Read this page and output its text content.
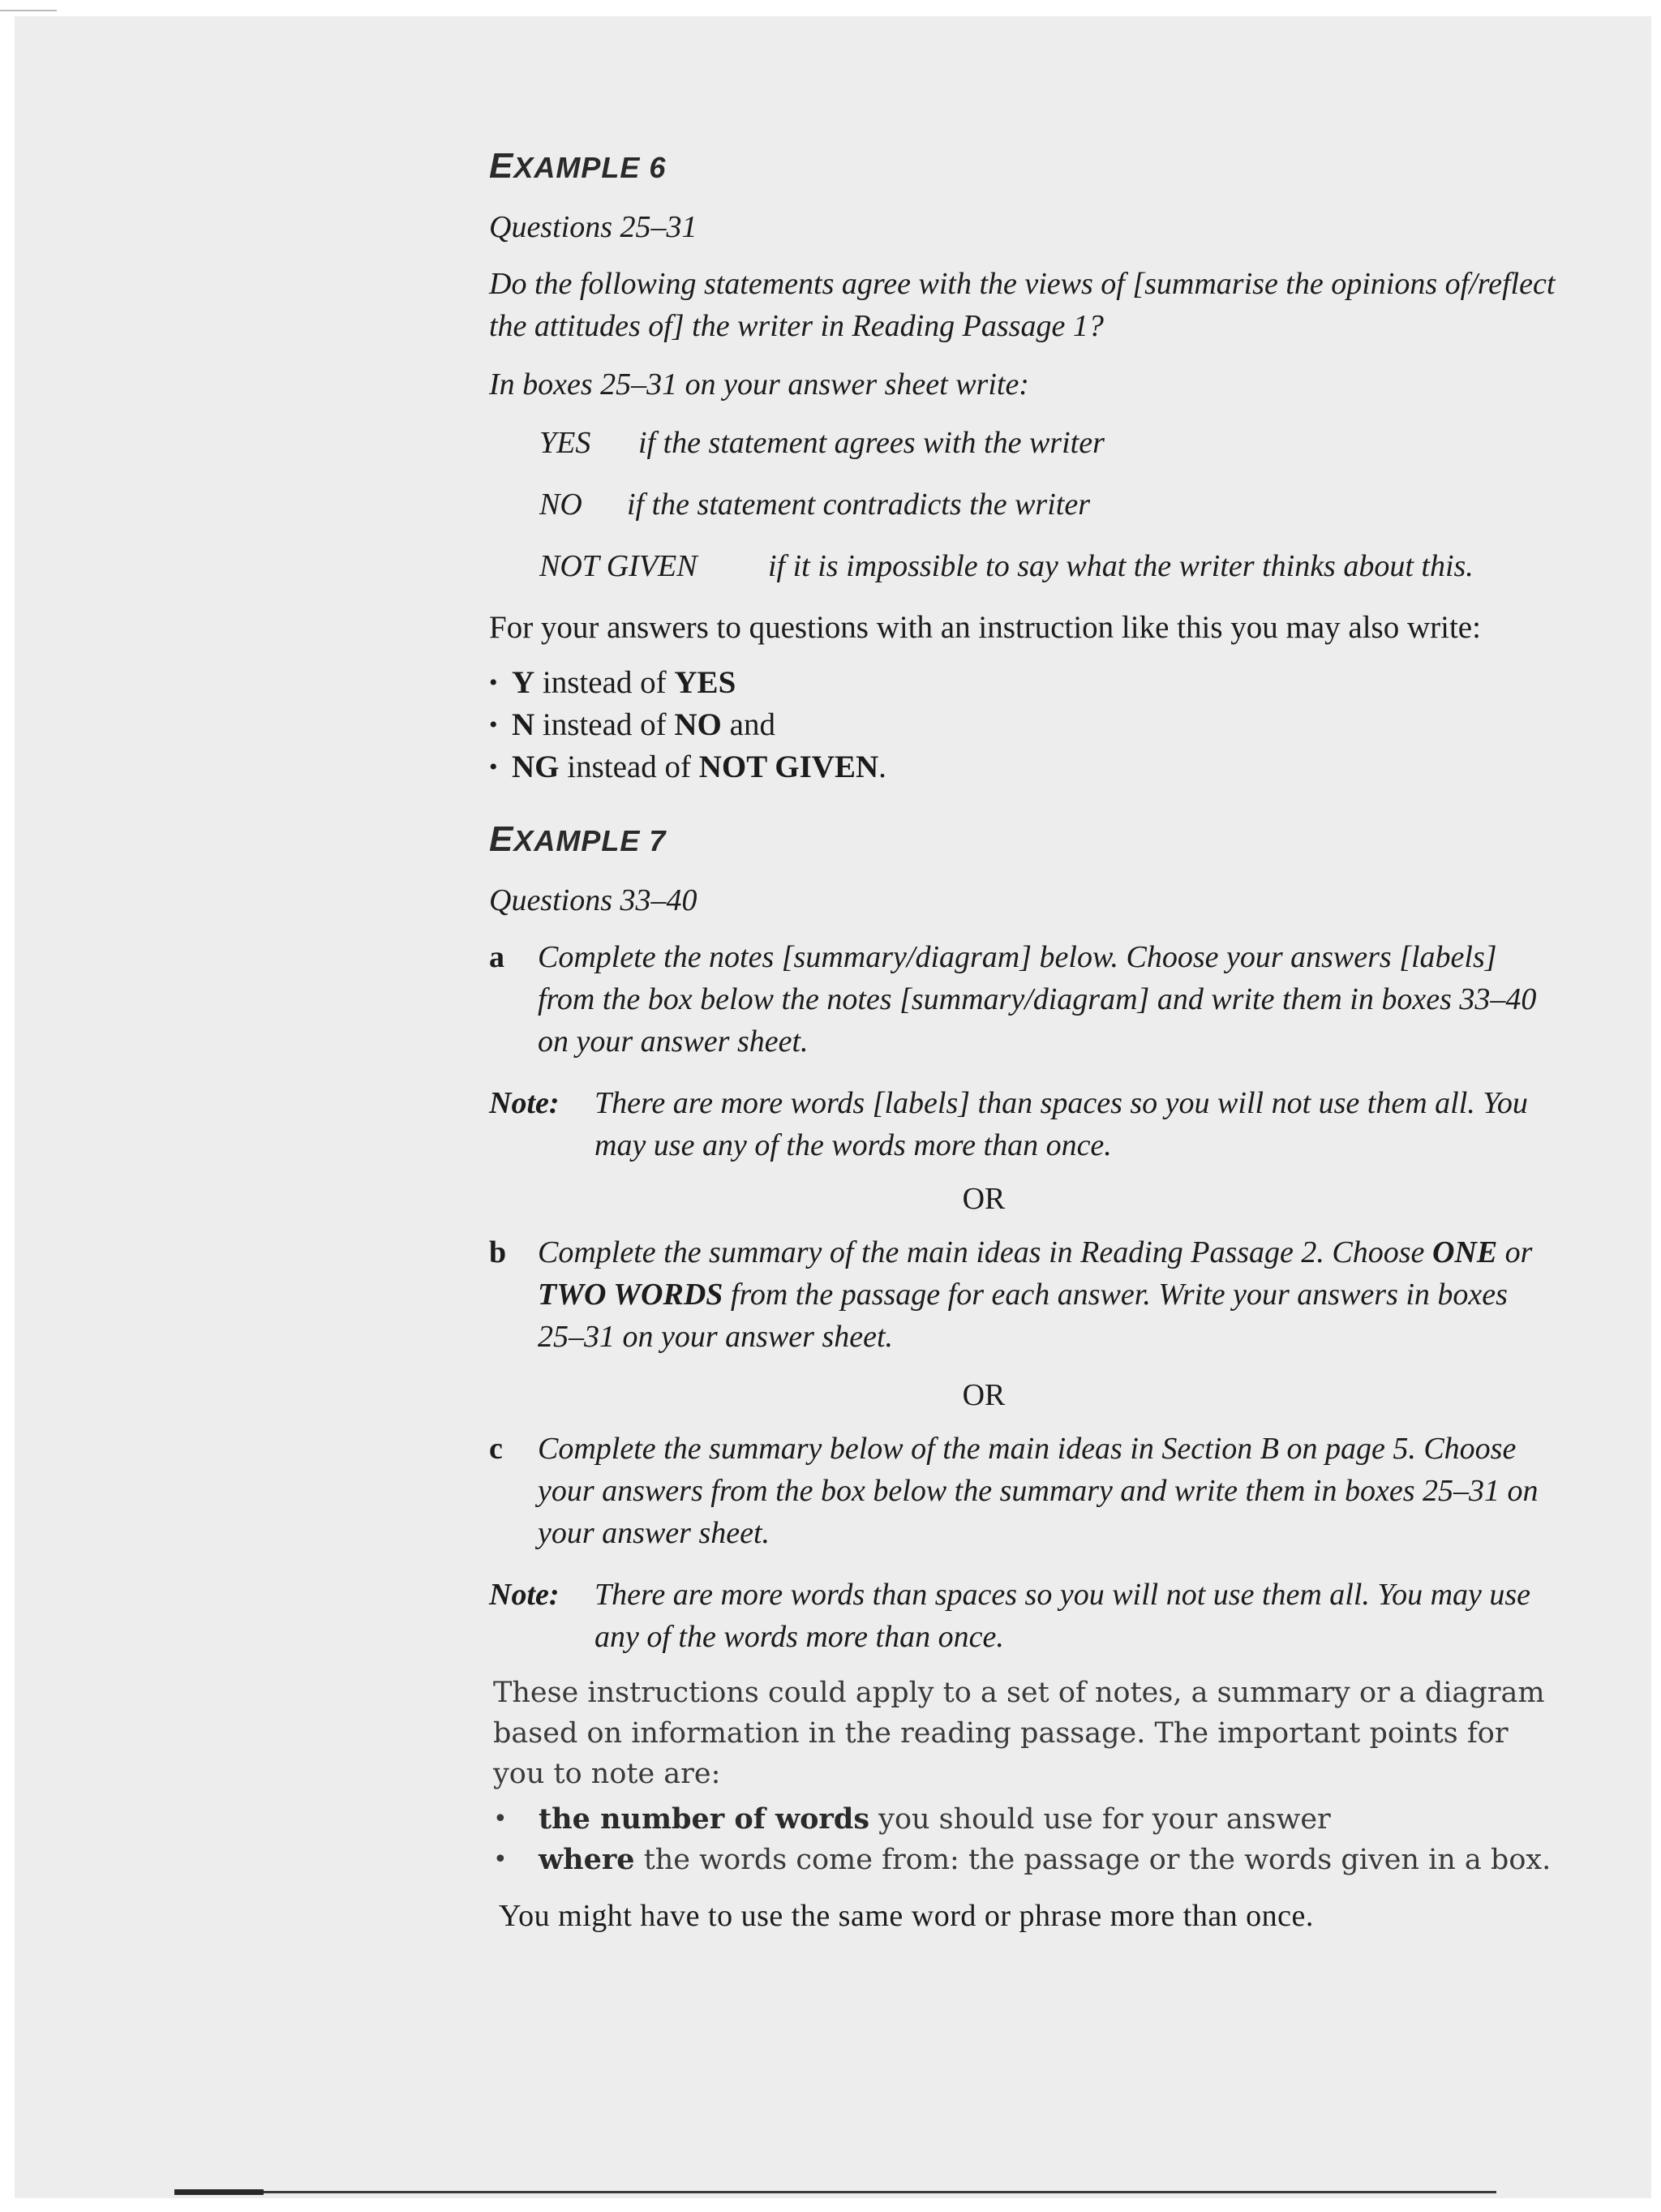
EXAMPLE 6
Questions 25–31
Do the following statements agree with the views of [summarise the opinions of/reflect the attitudes of] the writer in Reading Passage 1?
In boxes 25–31 on your answer sheet write:
YES	if the statement agrees with the writer
NO	if the statement contradicts the writer
NOT GIVEN	if it is impossible to say what the writer thinks about this.
For your answers to questions with an instruction like this you may also write:
• Y instead of YES
• N instead of NO and
• NG instead of NOT GIVEN.
EXAMPLE 7
Questions 33–40
a	Complete the notes [summary/diagram] below. Choose your answers [labels] from the box below the notes [summary/diagram] and write them in boxes 33–40 on your answer sheet.
Note:	There are more words [labels] than spaces so you will not use them all. You may use any of the words more than once.
OR
b	Complete the summary of the main ideas in Reading Passage 2. Choose ONE or TWO WORDS from the passage for each answer. Write your answers in boxes 25–31 on your answer sheet.
OR
c	Complete the summary below of the main ideas in Section B on page 5. Choose your answers from the box below the summary and write them in boxes 25–31 on your answer sheet.
Note:	There are more words than spaces so you will not use them all. You may use any of the words more than once.
These instructions could apply to a set of notes, a summary or a diagram based on information in the reading passage. The important points for you to note are:
•	the number of words you should use for your answer
•	where the words come from: the passage or the words given in a box.
You might have to use the same word or phrase more than once.
